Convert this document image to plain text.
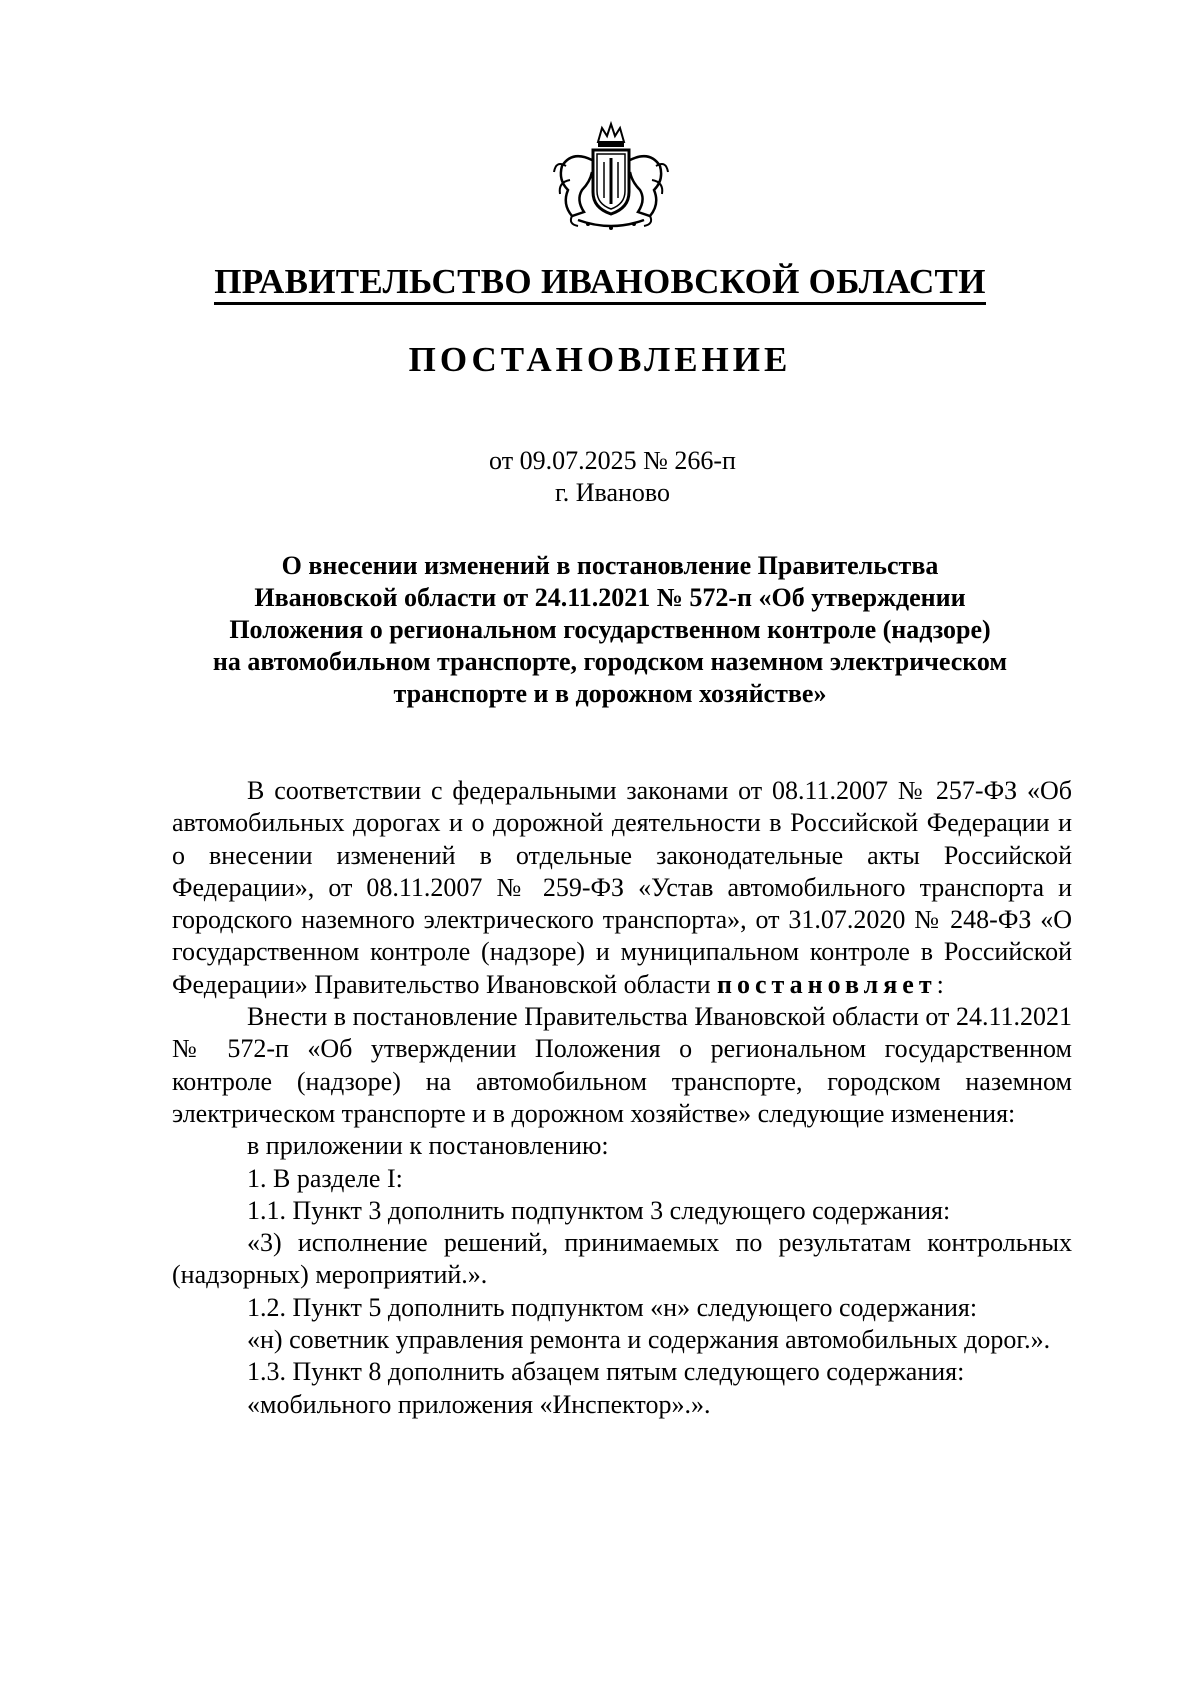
ПРАВИТЕЛЬСТВО ИВАНОВСКОЙ ОБЛАСТИ
ПОСТАНОВЛЕНИЕ
от 09.07.2025 № 266-п
г. Иваново
О внесении изменений в постановление Правительства
Ивановской области от 24.11.2021 № 572-п «Об утверждении
Положения о региональном государственном контроле (надзоре)
на автомобильном транспорте, городском наземном электрическом
транспорте и в дорожном хозяйстве»

В соответствии с федеральными законами от 08.11.2007 № 257-ФЗ «Об автомобильных дорогах и о дорожной деятельности в Российской Федерации и о внесении изменений в отдельные законодательные акты Российской Федерации», от 08.11.2007 № 259-ФЗ «Устав автомобильного транспорта и городского наземного электрического транспорта», от 31.07.2020 № 248-ФЗ «О государственном контроле (надзоре) и муниципальном контроле в Российской Федерации» Правительство Ивановской области постановляет:

Внести в постановление Правительства Ивановской области от 24.11.2021 № 572-п «Об утверждении Положения о региональном государственном контроле (надзоре) на автомобильном транспорте, городском наземном электрическом транспорте и в дорожном хозяйстве» следующие изменения:

в приложении к постановлению:

1. В разделе I:

1.1. Пункт 3 дополнить подпунктом 3 следующего содержания:

«3) исполнение решений, принимаемых по результатам контрольных (надзорных) мероприятий.».

1.2. Пункт 5 дополнить подпунктом «н» следующего содержания:

«н) советник управления ремонта и содержания автомобильных дорог.».

1.3. Пункт 8 дополнить абзацем пятым следующего содержания:

«мобильного приложения «Инспектор».».
